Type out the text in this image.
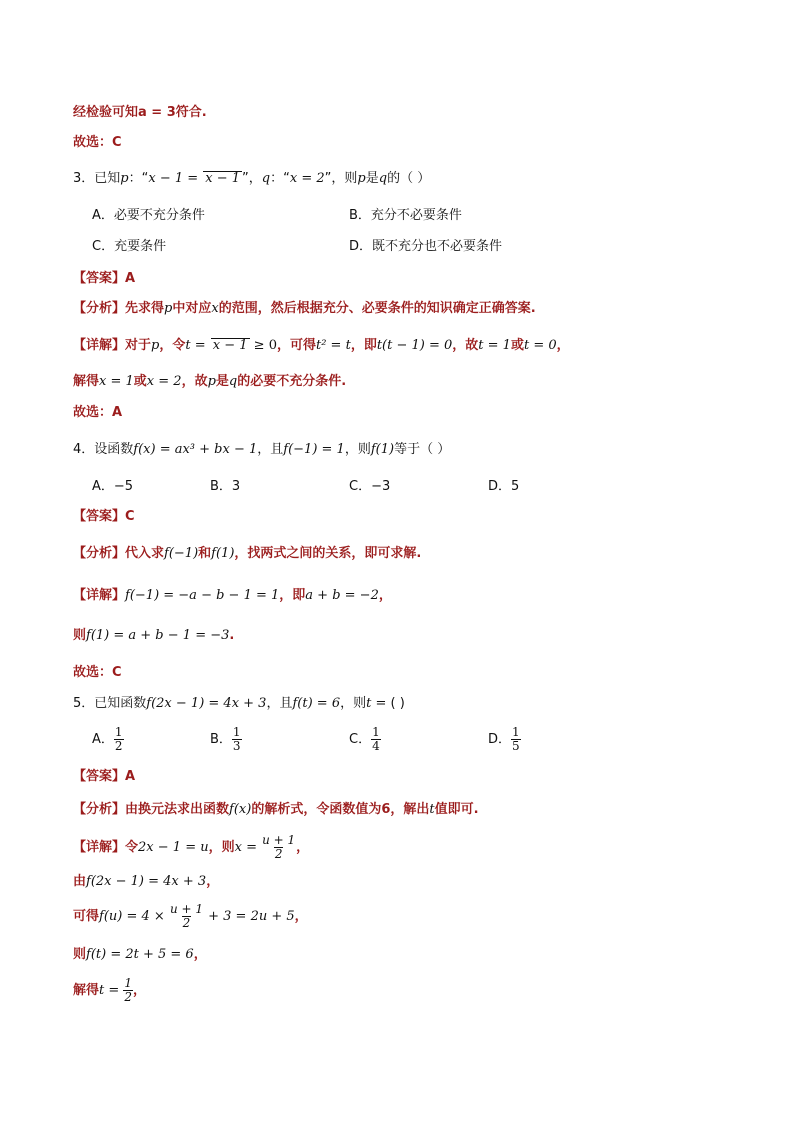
经检验可知a = 3符合.
故选：C
3．已知p：“x − 1 = x − 1 ”，q：“x = 2”，则p是q的（ ）
A．必要不充分条件	B．充分不必要条件
C．充要条件	D．既不充分也不必要条件
【答案】A
【分析】先求得p中对应x的范围，然后根据充分、必要条件的知识确定正确答案.
【详解】对于p，令t = x − 1 ≥ 0，可得t² = t，即t(t − 1) = 0，故t = 1或t = 0，
解得x = 1或x = 2，故p是q的必要不充分条件.
故选：A
4．设函数f(x) = ax³ + bx − 1，且f(−1) = 1，则f(1)等于（ ）
A．−5	B．3	C．−3	D．5
【答案】C
【分析】代入求f(−1)和f(1)，找两式之间的关系，即可求解.
【详解】f(−1) = −a − b − 1 = 1，即a + b = −2，
则f(1) = a + b − 1 = −3.
故选：C
5．已知函数f(2x − 1) = 4x + 3，且f(t) = 6，则t = ( )
A． $\frac{1}{2}$	B． $\frac{1}{3}$	C． $\frac{1}{4}$	D． $\frac{1}{5}$
【答案】A
【分析】由换元法求出函数f(x)的解析式，令函数值为6，解出t值即可.
【详解】令2x − 1 = u，则$x = \frac{u + 1}{2}$ ，
由f(2x − 1) = 4x + 3，
可得$f(u) = 4 \times \frac{u + 1}{2} + 3 = 2u + 5$，
则f(t) = 2t + 5 = 6，
解得$t = \frac{1}{2}$ ，
